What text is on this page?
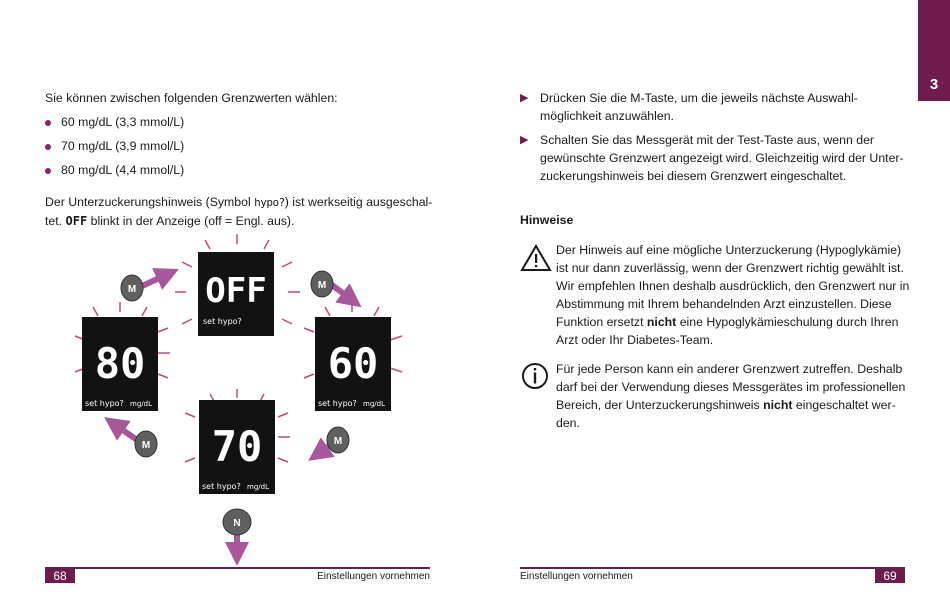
3
Sie können zwischen folgenden Grenzwerten wählen:
60 mg/dL (3,3 mmol/L)
70 mg/dL (3,9 mmol/L)
80 mg/dL (4,4 mmol/L)
Der Unterzuckerungshinweis (Symbol hypo?) ist werkseitig ausgeschal-
tet. OFF blinkt in der Anzeige (off = Engl. aus).
OFF
set hypo?
80
set hypo? mg/dL
60
set hypo? mg/dL
70
set hypo? mg/dL
M	M
M
M
N
▶ Drücken Sie die M-Taste, um die jeweils nächste Auswahl-
möglichkeit anzuwählen.
▶ Schalten Sie das Messgerät mit der Test-Taste aus, wenn der
gewünschte Grenzwert angezeigt wird. Gleichzeitig wird der Unter-
zuckerungshinweis bei diesem Grenzwert eingeschaltet.
Hinweise
Der Hinweis auf eine mögliche Unterzuckerung (Hypoglykämie)
ist nur dann zuverlässig, wenn der Grenzwert richtig gewählt ist.
Wir empfehlen Ihnen deshalb ausdrücklich, den Grenzwert nur in
Abstimmung mit Ihrem behandelnden Arzt einzustellen. Diese
Funktion ersetzt nicht eine Hypoglykämieschulung durch Ihren
Arzt oder Ihr Diabetes-Team.
Für jede Person kann ein anderer Grenzwert zutreffen. Deshalb
darf bei der Verwendung dieses Messgerätes im professionellen
Bereich, der Unterzuckerungshinweis nicht eingeschaltet wer-
den.
68	Einstellungen vornehmen	Einstellungen vornehmen	69
